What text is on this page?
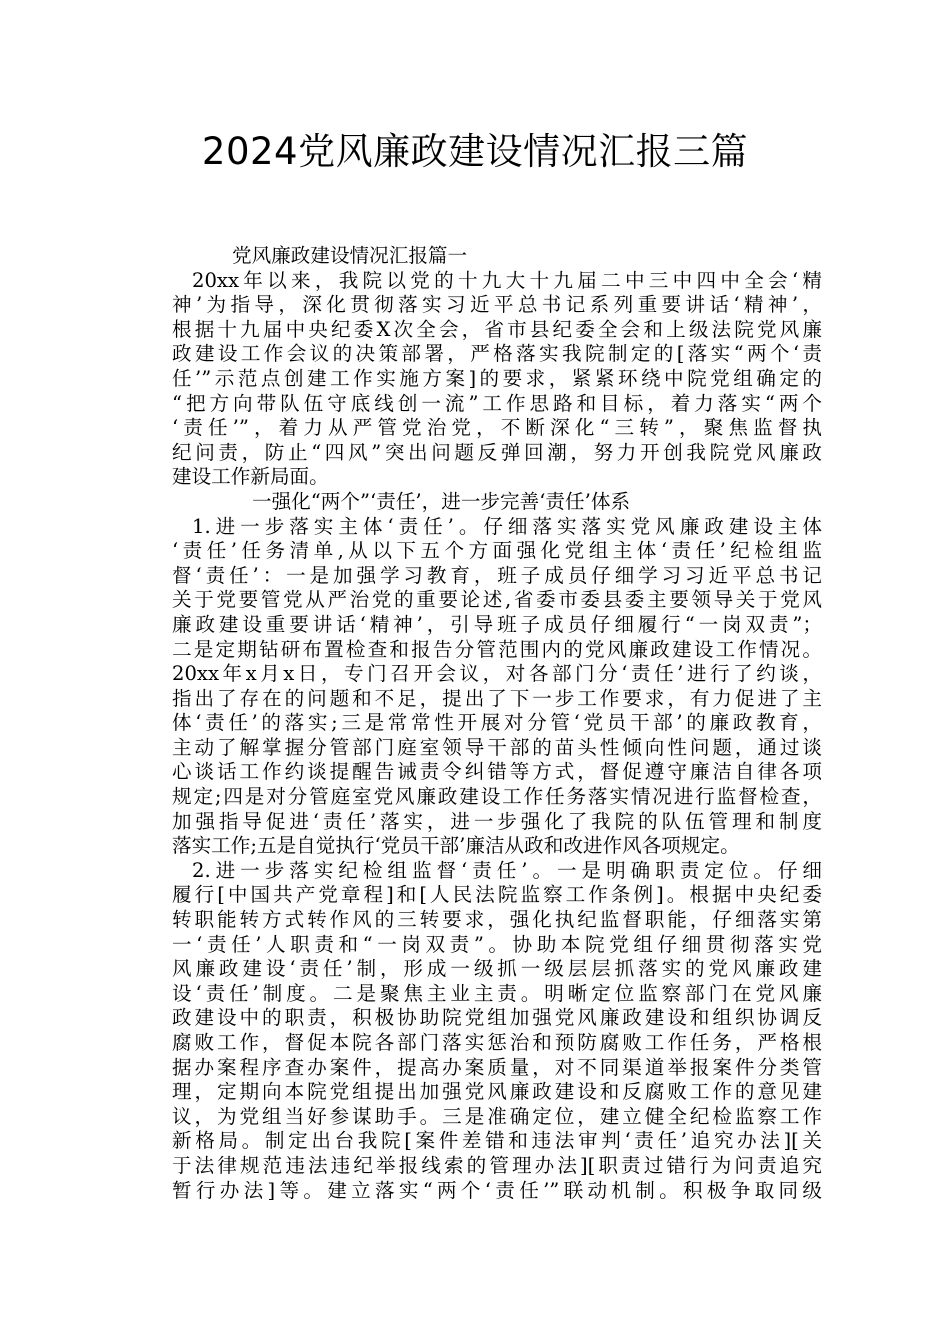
2024党风廉政建设情况汇报三篇
党风廉政建设情况汇报篇一
20xx年以来，我院以党的十九大十九届二中三中四中全会‘精
神’为指导，深化贯彻落实习近平总书记系列重要讲话‘精神’，
根据十九届中央纪委X次全会，省市县纪委全会和上级法院党风廉
政建设工作会议的决策部署，严格落实我院制定的[落实“两个‘责
任’”示范点创建工作实施方案]的要求，紧紧环绕中院党组确定的
“把方向带队伍守底线创一流”工作思路和目标，着力落实“两个
‘责任’”，着力从严管党治党，不断深化“三转”，聚焦监督执
纪问责，防止“四风”突出问题反弹回潮，努力开创我院党风廉政
建设工作新局面。
一强化“两个”‘责任’，进一步完善‘责任’体系
1.进一步落实主体‘责任’。仔细落实落实党风廉政建设主体
‘责任’任务清单,从以下五个方面强化党组主体‘责任’纪检组监
督‘责任’：一是加强学习教育，班子成员仔细学习习近平总书记
关于党要管党从严治党的重要论述,省委市委县委主要领导关于党风
廉政建设重要讲话‘精神’，引导班子成员仔细履行“一岗双责”；
二是定期钻研布置检查和报告分管范围内的党风廉政建设工作情况。
20xx年x月x日，专门召开会议，对各部门分‘责任’进行了约谈，
指出了存在的问题和不足，提出了下一步工作要求，有力促进了主
体‘责任’的落实;三是常常性开展对分管‘党员干部’的廉政教育，
主动了解掌握分管部门庭室领导干部的苗头性倾向性问题，通过谈
心谈话工作约谈提醒告诫责令纠错等方式，督促遵守廉洁自律各项
规定;四是对分管庭室党风廉政建设工作任务落实情况进行监督检查，
加强指导促进‘责任’落实，进一步强化了我院的队伍管理和制度
落实工作;五是自觉执行‘党员干部’廉洁从政和改进作风各项规定。
2.进一步落实纪检组监督‘责任’。一是明确职责定位。仔细
履行[中国共产党章程]和[人民法院监察工作条例]。根据中央纪委
转职能转方式转作风的三转要求，强化执纪监督职能，仔细落实第
一‘责任’人职责和“一岗双责”。协助本院党组仔细贯彻落实党
风廉政建设‘责任’制，形成一级抓一级层层抓落实的党风廉政建
设‘责任’制度。二是聚焦主业主责。明晰定位监察部门在党风廉
政建设中的职责，积极协助院党组加强党风廉政建设和组织协调反
腐败工作，督促本院各部门落实惩治和预防腐败工作任务，严格根
据办案程序查办案件，提高办案质量，对不同渠道举报案件分类管
理，定期向本院党组提出加强党风廉政建设和反腐败工作的意见建
议，为党组当好参谋助手。三是准确定位，建立健全纪检监察工作
新格局。制定出台我院[案件差错和违法审判‘责任’追究办法][关
于法律规范违法违纪举报线索的管理办法][职责过错行为问责追究
暂行办法]等。建立落实“两个‘责任’”联动机制。积极争取同级
